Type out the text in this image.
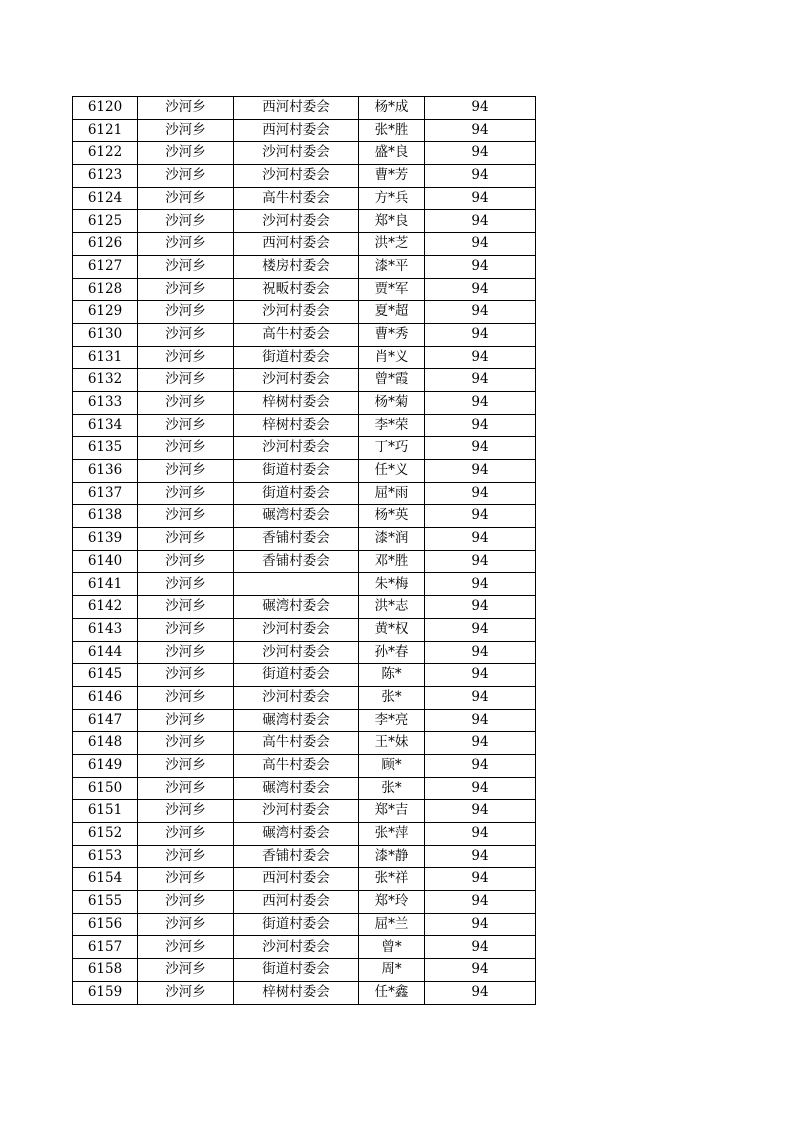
6120	沙河乡	西河村委会	杨*成	94
6121	沙河乡	西河村委会	张*胜	94
6122	沙河乡	沙河村委会	盛*良	94
6123	沙河乡	沙河村委会	曹*芳	94
6124	沙河乡	高牛村委会	方*兵	94
6125	沙河乡	沙河村委会	郑*良	94
6126	沙河乡	西河村委会	洪*芝	94
6127	沙河乡	楼房村委会	漆*平	94
6128	沙河乡	祝畈村委会	贾*军	94
6129	沙河乡	沙河村委会	夏*超	94
6130	沙河乡	高牛村委会	曹*秀	94
6131	沙河乡	街道村委会	肖*义	94
6132	沙河乡	沙河村委会	曾*霞	94
6133	沙河乡	梓树村委会	杨*菊	94
6134	沙河乡	梓树村委会	李*荣	94
6135	沙河乡	沙河村委会	丁*巧	94
6136	沙河乡	街道村委会	任*义	94
6137	沙河乡	街道村委会	屈*雨	94
6138	沙河乡	碾湾村委会	杨*英	94
6139	沙河乡	香铺村委会	漆*润	94
6140	沙河乡	香铺村委会	邓*胜	94
6141	沙河乡		朱*梅	94
6142	沙河乡	碾湾村委会	洪*志	94
6143	沙河乡	沙河村委会	黄*权	94
6144	沙河乡	沙河村委会	孙*春	94
6145	沙河乡	街道村委会	陈*	94
6146	沙河乡	沙河村委会	张*	94
6147	沙河乡	碾湾村委会	李*亮	94
6148	沙河乡	高牛村委会	王*妹	94
6149	沙河乡	高牛村委会	顾*	94
6150	沙河乡	碾湾村委会	张*	94
6151	沙河乡	沙河村委会	郑*吉	94
6152	沙河乡	碾湾村委会	张*萍	94
6153	沙河乡	香铺村委会	漆*静	94
6154	沙河乡	西河村委会	张*祥	94
6155	沙河乡	西河村委会	郑*玲	94
6156	沙河乡	街道村委会	屈*兰	94
6157	沙河乡	沙河村委会	曾*	94
6158	沙河乡	街道村委会	周*	94
6159	沙河乡	梓树村委会	任*鑫	94
